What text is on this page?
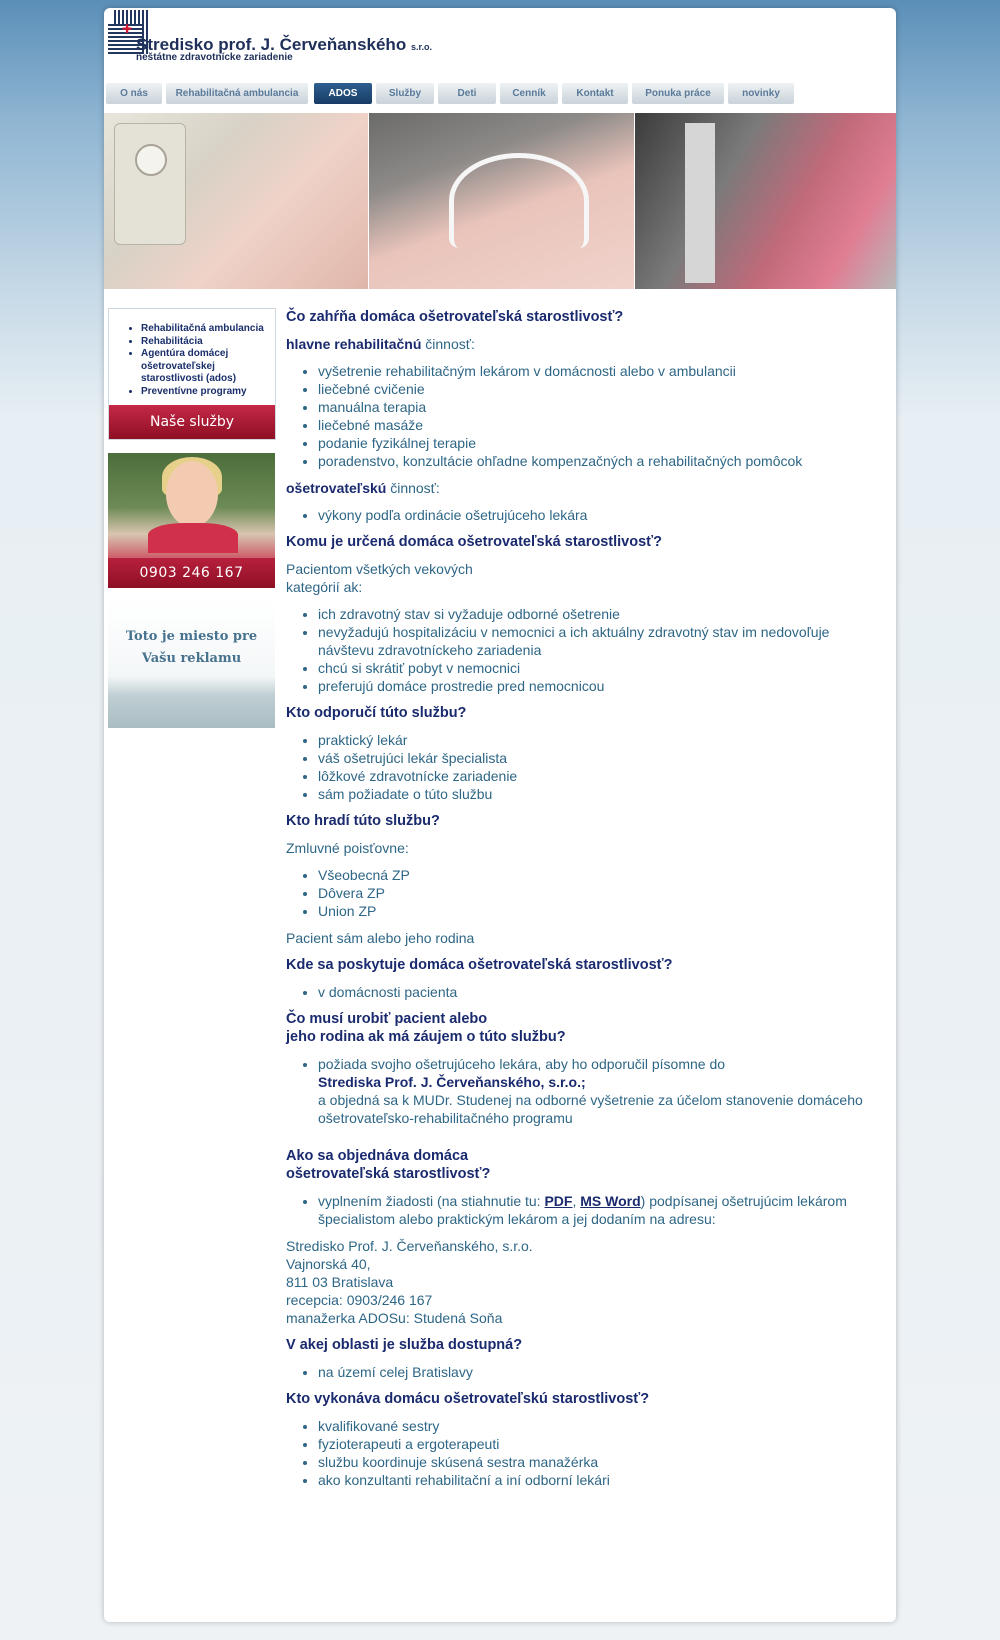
✚
Stredisko prof. J. Červeňanského s.r.o.
neštátne zdravotnícke zariadenie
O nás	Rehabilitačná ambulancia	ADOS	Služby	Deti	Cenník	Kontakt	Ponuka práce	novinky
• Rehabilitačná ambulancia
• Rehabilitácia
• Agentúra domácej ošetrovateľskej starostlivosti (ados)
• Preventívne programy
Naše služby
0903 246 167
Toto je miesto pre
Vašu reklamu
Čo zahŕňa domáca ošetrovateľská starostlivosť?

hlavne rehabilitačnú činnosť:

• vyšetrenie rehabilitačným lekárom v domácnosti alebo v ambulancii
• liečebné cvičenie
• manuálna terapia
• liečebné masáže
• podanie fyzikálnej terapie
• poradenstvo, konzultácie ohľadne kompenzačných a rehabilitačných pomôcok

ošetrovateľskú činnosť:

• výkony podľa ordinácie ošetrujúceho lekára
Komu je určená domáca ošetrovateľská starostlivosť?

Pacientom všetkých vekových

kategórií ak:

• ich zdravotný stav si vyžaduje odborné ošetrenie
• nevyžadujú hospitalizáciu v nemocnici a ich aktuálny zdravotný stav im nedovoľuje návštevu zdravotníckeho zariadenia
• chcú si skrátiť pobyt v nemocnici
• preferujú domáce prostredie pred nemocnicou
Kto odporučí túto službu?
• praktický lekár
• váš ošetrujúci lekár špecialista
• lôžkové zdravotnícke zariadenie
• sám požiadate o túto službu
Kto hradí túto službu?

Zmluvné poisťovne:

• Všeobecná ZP
• Dôvera ZP
• Union ZP

Pacient sám alebo jeho rodina

Kde sa poskytuje domáca ošetrovateľská starostlivosť?
• v domácnosti pacienta
Čo musí urobiť pacient alebo
jeho rodina ak má záujem o túto službu?
• požiada svojho ošetrujúceho lekára, aby ho odporučil písomne do
Strediska Prof. J. Červeňanského, s.r.o.;
a objedná sa k MUDr. Studenej na odborné vyšetrenie za účelom stanovenie domáceho ošetrovateľsko-rehabilitačného programu
Ako sa objednáva domáca
ošetrovateľská starostlivosť?
• vyplnením žiadosti (na stiahnutie tu: PDF, MS Word) podpísanej ošetrujúcim lekárom špecialistom alebo praktickým lekárom a jej dodaním na adresu:

Stredisko Prof. J. Červeňanského, s.r.o.

Vajnorská 40,

811 03 Bratislava

recepcia: 0903/246 167

manažerka ADOSu: Studená Soňa

V akej oblasti je služba dostupná?
• na území celej Bratislavy
Kto vykonáva domácu ošetrovateľskú starostlivosť?
• kvalifikované sestry
• fyzioterapeuti a ergoterapeuti
• službu koordinuje skúsená sestra manažérka
• ako konzultanti rehabilitační a iní odborní lekári
